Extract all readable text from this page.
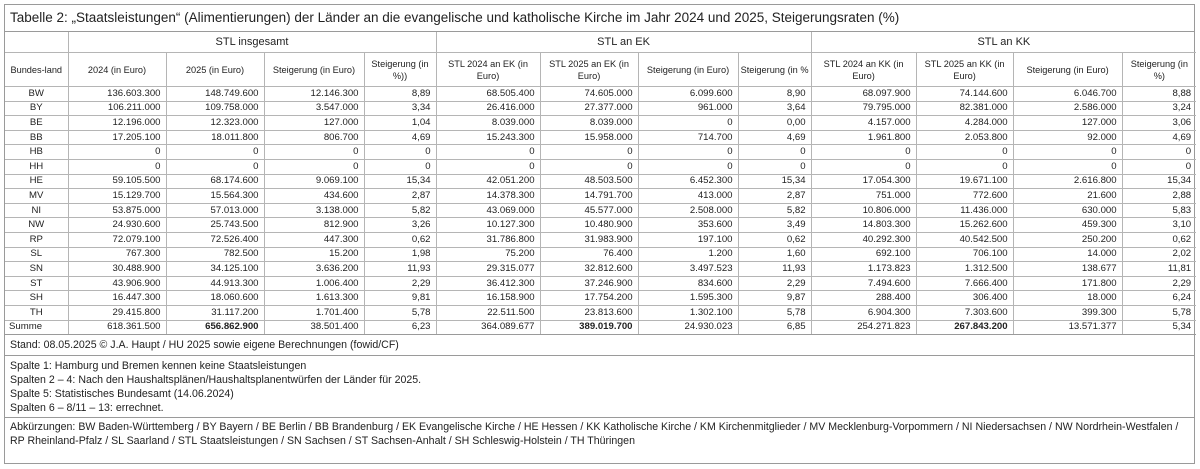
Tabelle 2: „Staatsleistungen“ (Alimentierungen) der Länder an die evangelische und katholische Kirche im Jahr 2024 und 2025, Steigerungsraten (%)
	STL insgesamt				STL an EK				STL an KK			
Bundes-land	2024 (in Euro)	2025 (in Euro)	Steigerung (in Euro)	Steigerung (in %))	STL 2024 an EK (in Euro)	STL 2025 an EK (in Euro)	Steigerung (in Euro)	Steigerung (in %	STL 2024 an KK (in Euro)	STL 2025 an KK (in Euro)	Steigerung (in Euro)	Steigerung (in %)
BW	136.603.300	148.749.600	12.146.300	8,89	68.505.400	74.605.000	6.099.600	8,90	68.097.900	74.144.600	6.046.700	8,88
BY	106.211.000	109.758.000	3.547.000	3,34	26.416.000	27.377.000	961.000	3,64	79.795.000	82.381.000	2.586.000	3,24
BE	12.196.000	12.323.000	127.000	1,04	8.039.000	8.039.000	0	0,00	4.157.000	4.284.000	127.000	3,06
BB	17.205.100	18.011.800	806.700	4,69	15.243.300	15.958.000	714.700	4,69	1.961.800	2.053.800	92.000	4,69
HB	0	0	0	0	0	0	0	0	0	0	0	0
HH	0	0	0	0	0	0	0	0	0	0	0	0
HE	59.105.500	68.174.600	9.069.100	15,34	42.051.200	48.503.500	6.452.300	15,34	17.054.300	19.671.100	2.616.800	15,34
MV	15.129.700	15.564.300	434.600	2,87	14.378.300	14.791.700	413.000	2,87	751.000	772.600	21.600	2,88
NI	53.875.000	57.013.000	3.138.000	5,82	43.069.000	45.577.000	2.508.000	5,82	10.806.000	11.436.000	630.000	5,83
NW	24.930.600	25.743.500	812.900	3,26	10.127.300	10.480.900	353.600	3,49	14.803.300	15.262.600	459.300	3,10
RP	72.079.100	72.526.400	447.300	0,62	31.786.800	31.983.900	197.100	0,62	40.292.300	40.542.500	250.200	0,62
SL	767.300	782.500	15.200	1,98	75.200	76.400	1.200	1,60	692.100	706.100	14.000	2,02
SN	30.488.900	34.125.100	3.636.200	11,93	29.315.077	32.812.600	3.497.523	11,93	1.173.823	1.312.500	138.677	11,81
ST	43.906.900	44.913.300	1.006.400	2,29	36.412.300	37.246.900	834.600	2,29	7.494.600	7.666.400	171.800	2,29
SH	16.447.300	18.060.600	1.613.300	9,81	16.158.900	17.754.200	1.595.300	9,87	288.400	306.400	18.000	6,24
TH	29.415.800	31.117.200	1.701.400	5,78	22.511.500	23.813.600	1.302.100	5,78	6.904.300	7.303.600	399.300	5,78
Summe	618.361.500	656.862.900	38.501.400	6,23	364.089.677	389.019.700	24.930.023	6,85	254.271.823	267.843.200	13.571.377	5,34
Stand: 08.05.2025 © J.A. Haupt / HU 2025 sowie eigene Berechnungen (fowid/CF)
Spalte 1: Hamburg und Bremen kennen keine Staatsleistungen
Spalten 2 – 4: Nach den Haushaltsplänen/Haushaltsplanentwürfen der Länder für 2025.
Spalte 5: Statistisches Bundesamt (14.06.2024)
Spalten 6 – 8/11 – 13: errechnet.
Abkürzungen: BW Baden-Württemberg / BY Bayern / BE Berlin / BB Brandenburg / EK Evangelische Kirche / HE Hessen / KK Katholische Kirche / KM Kirchenmitglieder / MV Mecklenburg-Vorpommern / NI Niedersachsen / NW Nordrhein-Westfalen / RP Rheinland-Pfalz / SL Saarland / STL Staatsleistungen / SN Sachsen / ST Sachsen-Anhalt / SH Schleswig-Holstein / TH Thüringen
